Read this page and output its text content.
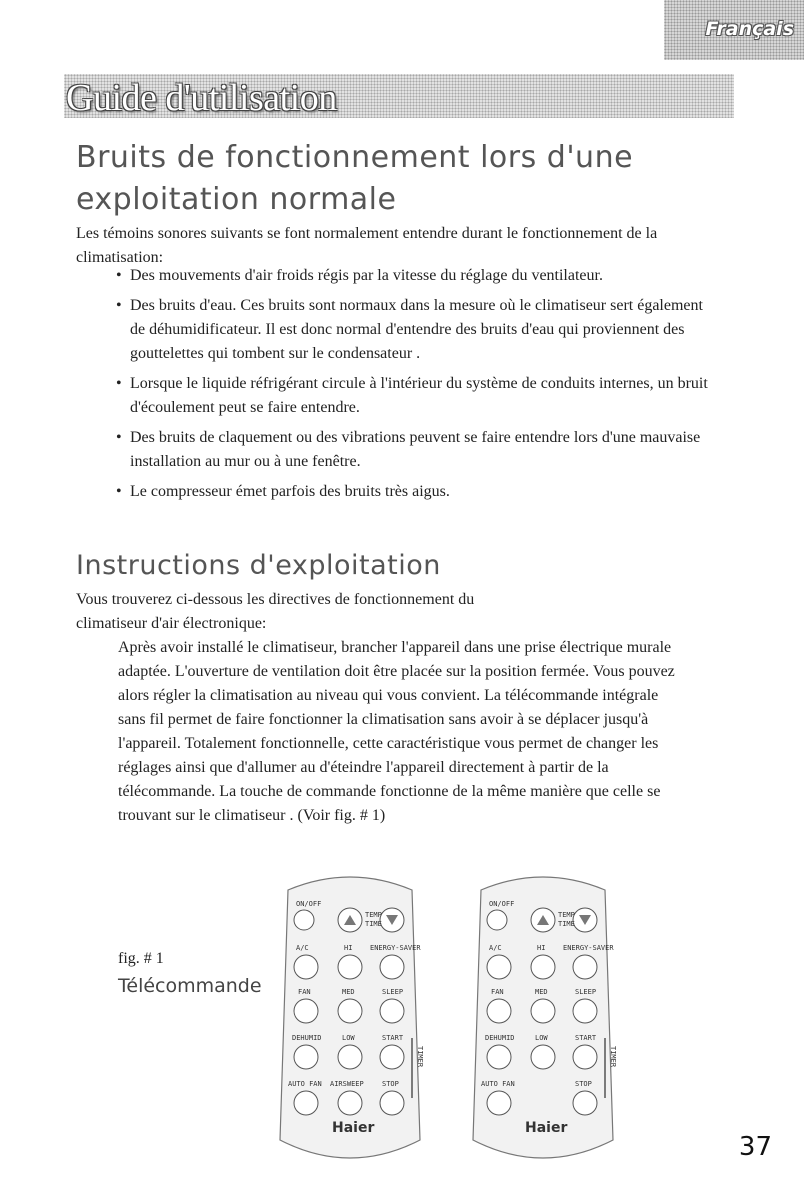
Français
Guide d'utilisation
Bruits de fonctionnement lors d'une
exploitation normale

Les témoins sonores suivants se font normalement entendre durant le fonctionnement de la climatisation:

• Des mouvements d'air froids régis par la vitesse du réglage du ventilateur.
• Des bruits d'eau. Ces bruits sont normaux dans la mesure où le climatiseur sert également de déhumidificateur. Il est donc normal d'entendre des bruits d'eau qui proviennent des gouttelettes qui tombent sur le condensateur .
• Lorsque le liquide réfrigérant circule à l'intérieur du système de conduits internes, un bruit d'écoulement peut se faire entendre.
• Des bruits de claquement ou des vibrations peuvent se faire entendre lors d'une mauvaise installation au mur ou à une fenêtre.
• Le compresseur émet parfois des bruits très aigus.
Instructions d'exploitation

Vous trouverez ci-dessous les directives de fonctionnement du climatiseur d'air électronique:

Après avoir installé le climatiseur, brancher l'appareil dans une prise électrique murale adaptée. L'ouverture de ventilation doit être placée sur la position fermée. Vous pouvez alors régler la climatisation au niveau qui vous convient. La télécommande intégrale sans fil permet de faire fonctionner la climatisation sans avoir à se déplacer jusqu'à l'appareil. Totalement fonctionnelle, cette caractéristique vous permet de changer les réglages ainsi que d'allumer au d'éteindre l'appareil directement à partir de la télécommande. La touche de commande fonctionne de la même manière que celle se trouvant sur le climatiseur . (Voir fig. # 1)

fig. # 1
Télécommande
ON/OFF
TEMP
TIME
A/C	HI	ENERGY-SAVER
FAN	MED	SLEEP
DEHUMID	LOW	START
TIMER
AUTO FAN AIRSWEEP	STOP
Haier
ON/OFF
TEMP
TIME
A/C	HI	ENERGY-SAVER
FAN	MED	SLEEP
DEHUMID	LOW	START
TIMER
AUTO FAN	STOP
Haier
37
